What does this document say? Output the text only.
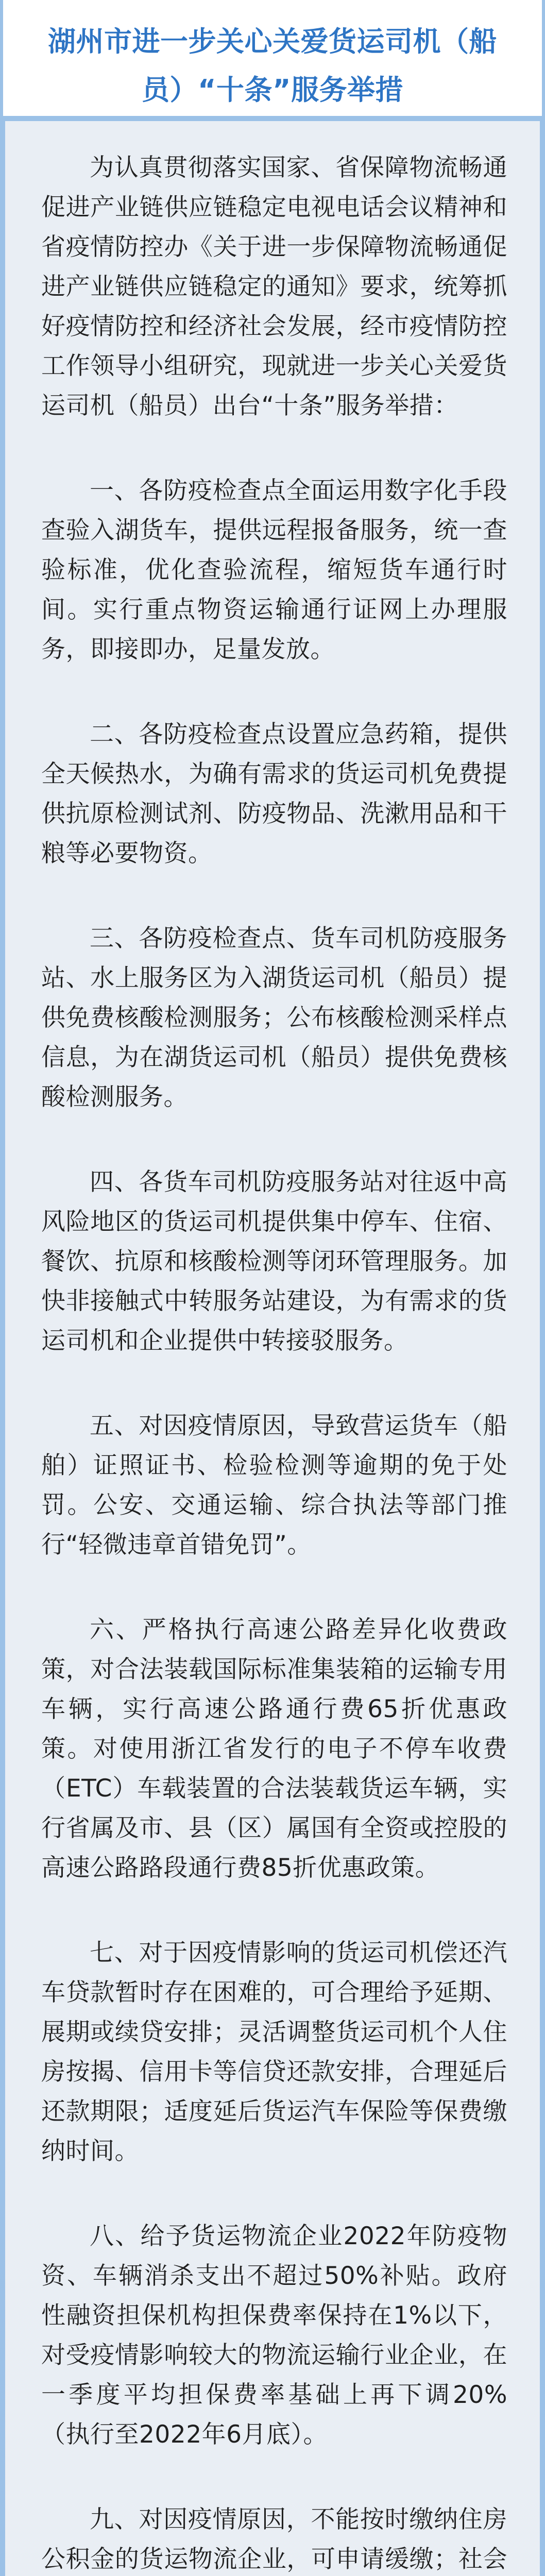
湖州市进一步关心关爱货运司机（船员）“十条”服务举措

为认真贯彻落实国家、省保障物流畅通促进产业链供应链稳定电视电话会议精神和省疫情防控办《关于进一步保障物流畅通促进产业链供应链稳定的通知》要求，统筹抓好疫情防控和经济社会发展，经市疫情防控工作领导小组研究，现就进一步关心关爱货运司机（船员）出台“十条”服务举措：

一、各防疫检查点全面运用数字化手段查验入湖货车，提供远程报备服务，统一查验标准，优化查验流程，缩短货车通行时间。实行重点物资运输通行证网上办理服务，即接即办，足量发放。

二、各防疫检查点设置应急药箱，提供全天候热水，为确有需求的货运司机免费提供抗原检测试剂、防疫物品、洗漱用品和干粮等必要物资。

三、各防疫检查点、货车司机防疫服务站、水上服务区为入湖货运司机（船员）提供免费核酸检测服务；公布核酸检测采样点信息，为在湖货运司机（船员）提供免费核酸检测服务。

四、各货车司机防疫服务站对往返中高风险地区的货运司机提供集中停车、住宿、餐饮、抗原和核酸检测等闭环管理服务。加快非接触式中转服务站建设，为有需求的货运司机和企业提供中转接驳服务。

五、对因疫情原因，导致营运货车（船舶）证照证书、检验检测等逾期的免于处罚。公安、交通运输、综合执法等部门推行“轻微违章首错免罚”。

六、严格执行高速公路差异化收费政策，对合法装载国际标准集装箱的运输专用车辆，实行高速公路通行费65折优惠政策。对使用浙江省发行的电子不停车收费（ETC）车载装置的合法装载货运车辆，实行省属及市、县（区）属国有全资或控股的高速公路路段通行费85折优惠政策。

七、对于因疫情影响的货运司机偿还汽车贷款暂时存在困难的，可合理给予延期、展期或续贷安排；灵活调整货运司机个人住房按揭、信用卡等信贷还款安排，合理延后还款期限；适度延后货运汽车保险等保费缴纳时间。

八、给予货运物流企业2022年防疫物资、车辆消杀支出不超过50%补贴。政府性融资担保机构担保费率保持在1%以下，对受疫情影响较大的物流运输行业企业，在一季度平均担保费率基础上再下调20%（执行至2022年6月底）。

九、对因疫情原因，不能按时缴纳住房公积金的货运物流企业，可申请缓缴；社会
